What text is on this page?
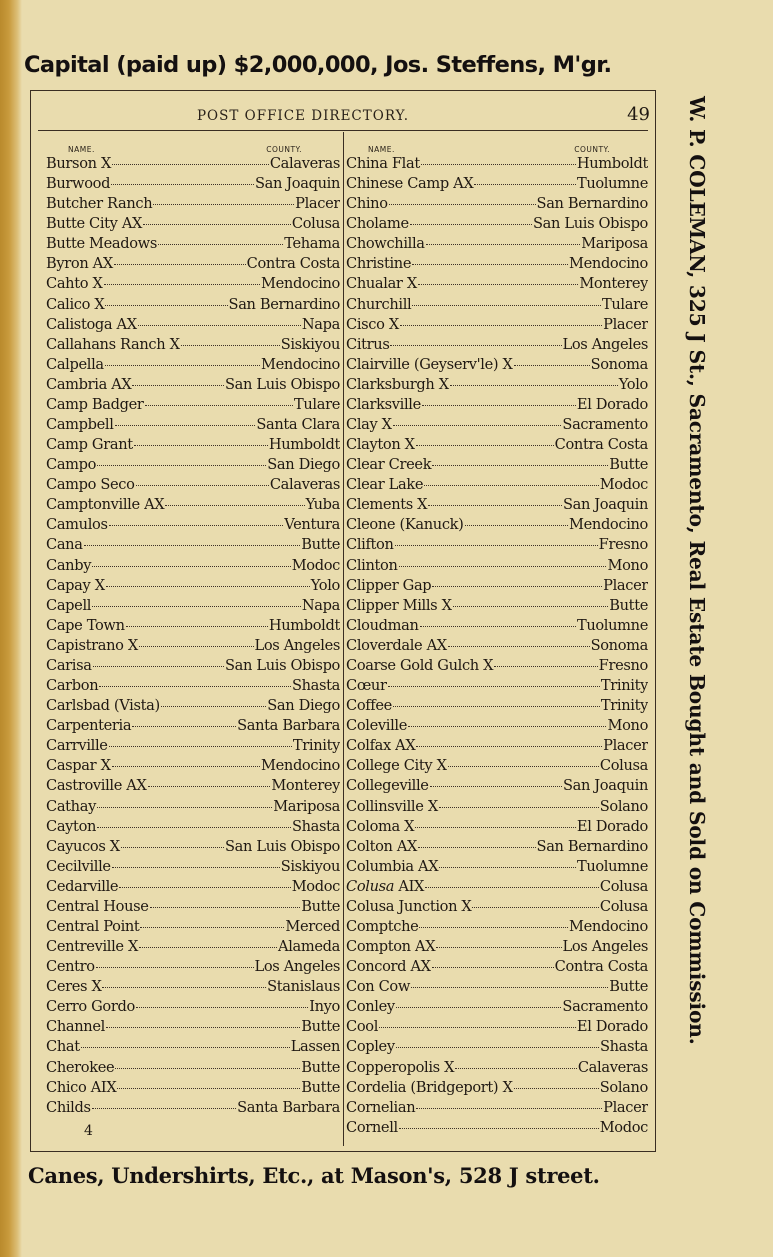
Capital (paid up) $2,000,000, Jos. Steffens, M'gr.
POST OFFICE DIRECTORY.	49
NAME.	COUNTY.
Burson X	Calaveras
Burwood	San Joaquin
Butcher Ranch	Placer
Butte City AX	Colusa
Butte Meadows	Tehama
Byron AX	Contra Costa
Cahto X	Mendocino
Calico X	San Bernardino
Calistoga AX	Napa
Callahans Ranch X	Siskiyou
Calpella	Mendocino
Cambria AX	San Luis Obispo
Camp Badger	Tulare
Campbell	Santa Clara
Camp Grant	Humboldt
Campo	San Diego
Campo Seco	Calaveras
Camptonville AX	Yuba
Camulos	Ventura
Cana	Butte
Canby	Modoc
Capay X	Yolo
Capell	Napa
Cape Town	Humboldt
Capistrano X	Los Angeles
Carisa	San Luis Obispo
Carbon	Shasta
Carlsbad (Vista)	San Diego
Carpenteria	Santa Barbara
Carrville	Trinity
Caspar X	Mendocino
Castroville AX	Monterey
Cathay	Mariposa
Cayton	Shasta
Cayucos X	San Luis Obispo
Cecilville	Siskiyou
Cedarville	Modoc
Central House	Butte
Central Point	Merced
Centreville X	Alameda
Centro	Los Angeles
Ceres X	Stanislaus
Cerro Gordo	Inyo
Channel	Butte
Chat	Lassen
Cherokee	Butte
Chico AIX	Butte
Childs	Santa Barbara
NAME.	COUNTY.
China Flat	Humboldt
Chinese Camp AX	Tuolumne
Chino	San Bernardino
Cholame	San Luis Obispo
Chowchilla	Mariposa
Christine	Mendocino
Chualar X	Monterey
Churchill	Tulare
Cisco X	Placer
Citrus	Los Angeles
Clairville (Geyserv'le) X	Sonoma
Clarksburgh X	Yolo
Clarksville	El Dorado
Clay X	Sacramento
Clayton X	Contra Costa
Clear Creek	Butte
Clear Lake	Modoc
Clements X	San Joaquin
Cleone (Kanuck)	Mendocino
Clifton	Fresno
Clinton	Mono
Clipper Gap	Placer
Clipper Mills X	Butte
Cloudman	Tuolumne
Cloverdale AX	Sonoma
Coarse Gold Gulch X	Fresno
Cœur	Trinity
Coffee	Trinity
Coleville	Mono
Colfax AX	Placer
College City X	Colusa
Collegeville	San Joaquin
Collinsville X	Solano
Coloma X	El Dorado
Colton AX	San Bernardino
Columbia AX	Tuolumne
Colusa AIX	Colusa
Colusa Junction X	Colusa
Comptche	Mendocino
Compton AX	Los Angeles
Concord AX	Contra Costa
Con Cow	Butte
Conley	Sacramento
Cool	El Dorado
Copley	Shasta
Copperopolis X	Calaveras
Cordelia (Bridgeport) X	Solano
Cornelian	Placer
Cornell	Modoc
4
W. P. COLEMAN, 325 J St., Sacramento, Real Estate Bought and Sold on Commission.
Canes, Undershirts, Etc., at Mason's, 528 J street.
